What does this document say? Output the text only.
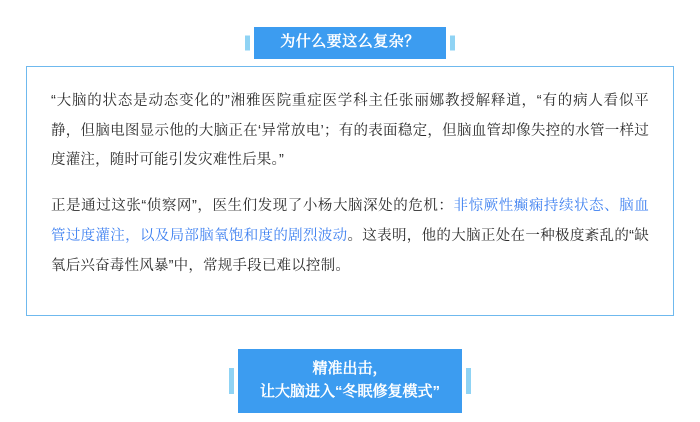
为什么要这么复杂？

“大脑的状态是动态变化的”湘雅医院重症医学科主任张丽娜教授解释道，“有的病人看似平静，但脑电图显示他的大脑正在‘异常放电’；有的表面稳定，但脑血管却像失控的水管一样过度灌注，随时可能引发灾难性后果。”

正是通过这张“侦察网”，医生们发现了小杨大脑深处的危机：非惊厥性癫痫持续状态、脑血管过度灌注，以及局部脑氧饱和度的剧烈波动。这表明，他的大脑正处在一种极度紊乱的“缺氧后兴奋毒性风暴”中，常规手段已难以控制。

精准出击，
让大脑进入“冬眠修复模式”
